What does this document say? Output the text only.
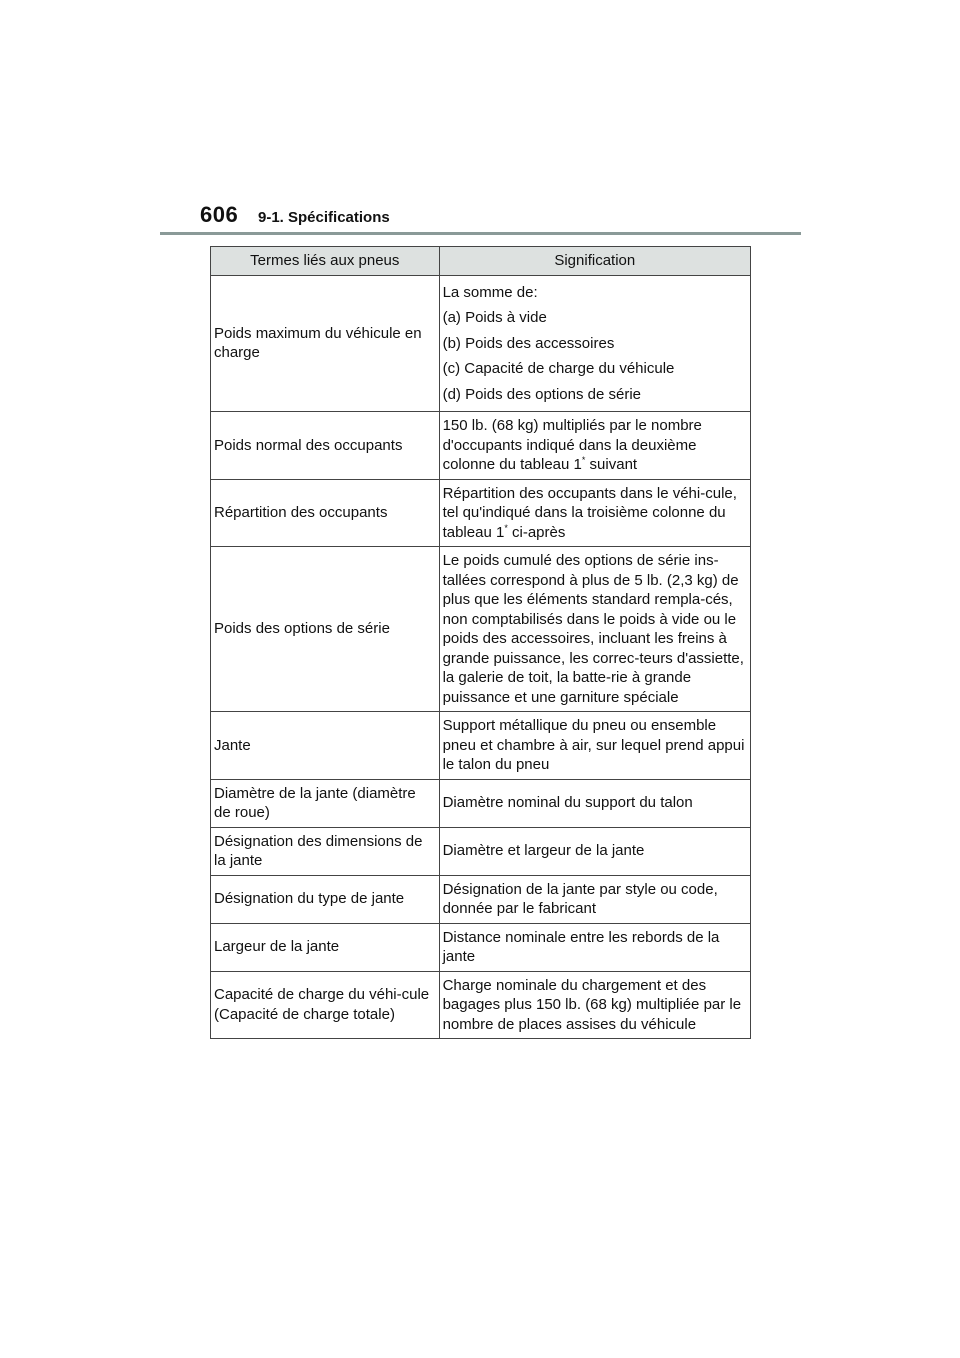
606 9-1. Spécifications
Termes liés aux pneus	Signification
Poids maximum du véhicule en charge	La somme de:
(a) Poids à vide
(b) Poids des accessoires
(c) Capacité de charge du véhicule
(d) Poids des options de série

Poids normal des occupants	150 lb. (68 kg) multipliés par le nombre d'occupants indiqué dans la deuxième colonne du tableau 1* suivant
Répartition des occupants	Répartition des occupants dans le véhi-cule, tel qu'indiqué dans la troisième colonne du tableau 1* ci-après
Poids des options de série	Le poids cumulé des options de série ins-tallées correspond à plus de 5 lb. (2,3 kg) de plus que les éléments standard rempla-cés, non comptabilisés dans le poids à vide ou le poids des accessoires, incluant les freins à grande puissance, les correc-teurs d'assiette, la galerie de toit, la batte-rie à grande puissance et une garniture spéciale
Jante	Support métallique du pneu ou ensemble pneu et chambre à air, sur lequel prend appui le talon du pneu
Diamètre de la jante (diamètre de roue)	Diamètre nominal du support du talon
Désignation des dimensions de la jante	Diamètre et largeur de la jante
Désignation du type de jante	Désignation de la jante par style ou code, donnée par le fabricant
Largeur de la jante	Distance nominale entre les rebords de la jante
Capacité de charge du véhi-cule (Capacité de charge totale)	Charge nominale du chargement et des bagages plus 150 lb. (68 kg) multipliée par le nombre de places assises du véhicule
